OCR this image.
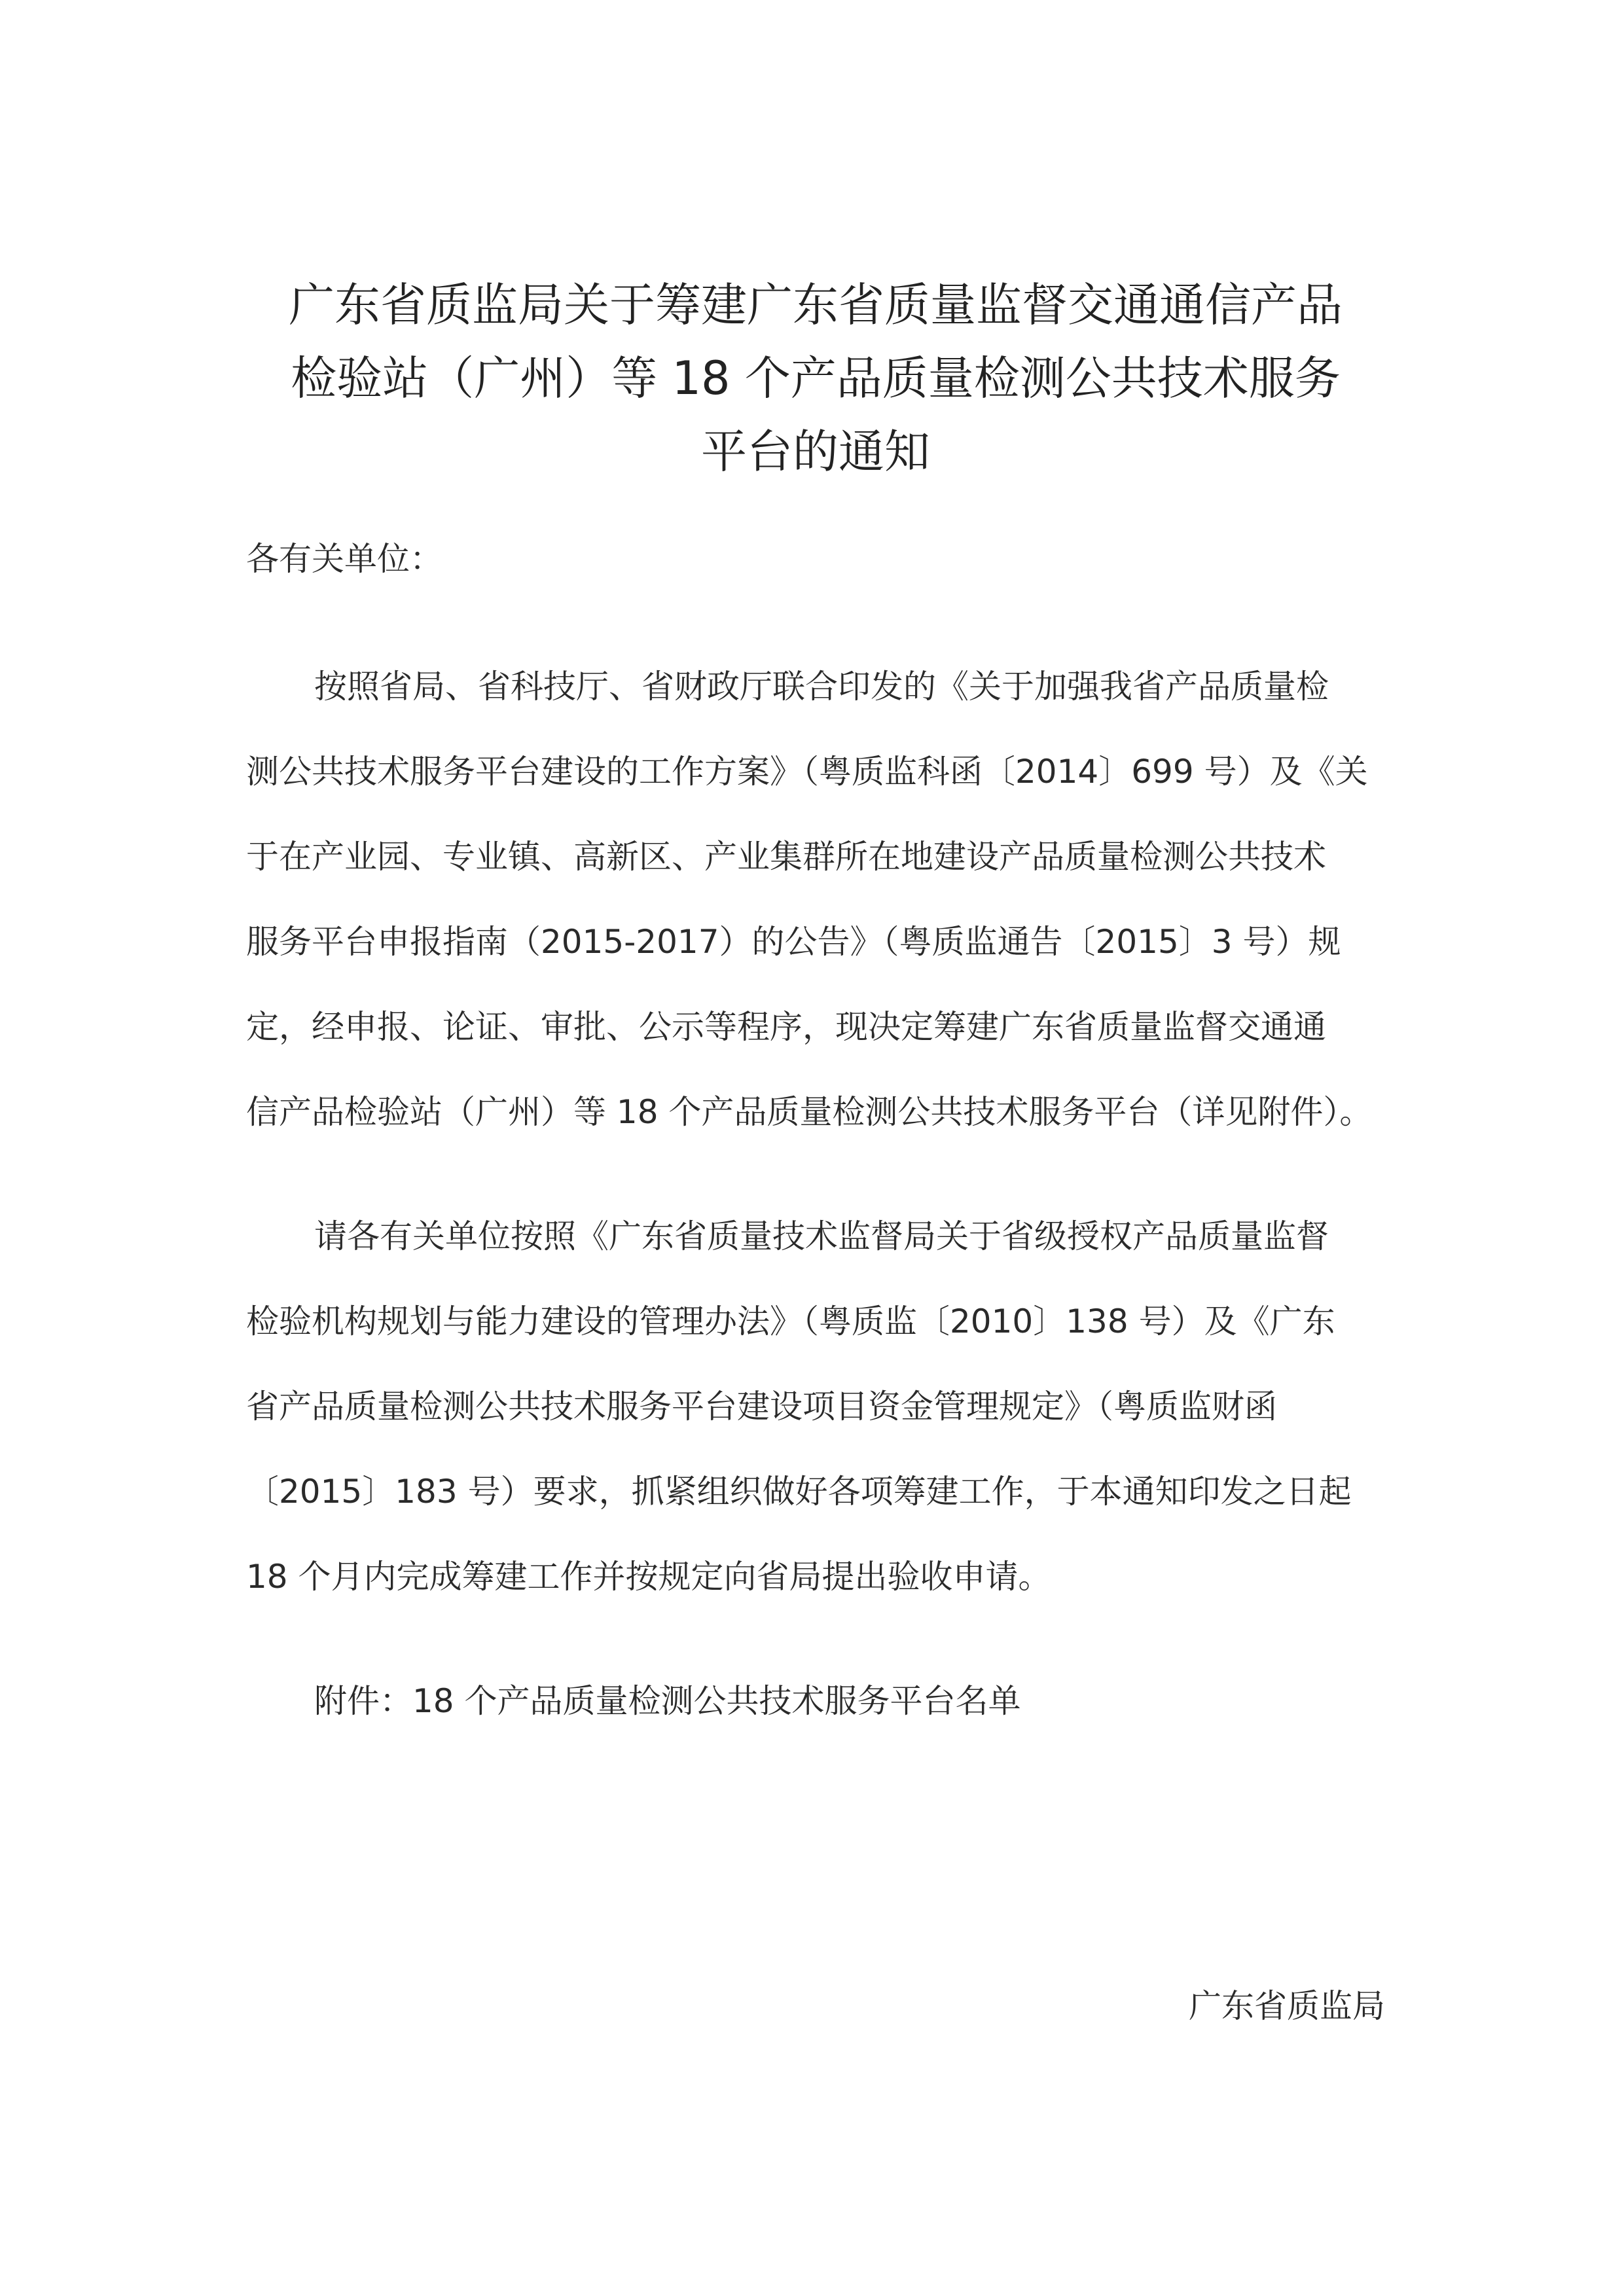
广东省质监局关于筹建广东省质量监督交通通信产品
检验站（广州）等 18 个产品质量检测公共技术服务
平台的通知

各有关单位：

按照省局、省科技厅、省财政厅联合印发的《关于加强我省产品质量检
测公共技术服务平台建设的工作方案》（粤质监科函〔2014〕699 号）及《关
于在产业园、专业镇、高新区、产业集群所在地建设产品质量检测公共技术
服务平台申报指南（2015-2017）的公告》（粤质监通告〔2015〕3 号）规
定，经申报、论证、审批、公示等程序，现决定筹建广东省质量监督交通通
信产品检验站（广州）等 18 个产品质量检测公共技术服务平台（详见附件）。

请各有关单位按照《广东省质量技术监督局关于省级授权产品质量监督
检验机构规划与能力建设的管理办法》（粤质监〔2010〕138 号）及《广东
省产品质量检测公共技术服务平台建设项目资金管理规定》（粤质监财函
〔2015〕183 号）要求，抓紧组织做好各项筹建工作，于本通知印发之日起
18 个月内完成筹建工作并按规定向省局提出验收申请。

附件：18 个产品质量检测公共技术服务平台名单

广东省质监局
